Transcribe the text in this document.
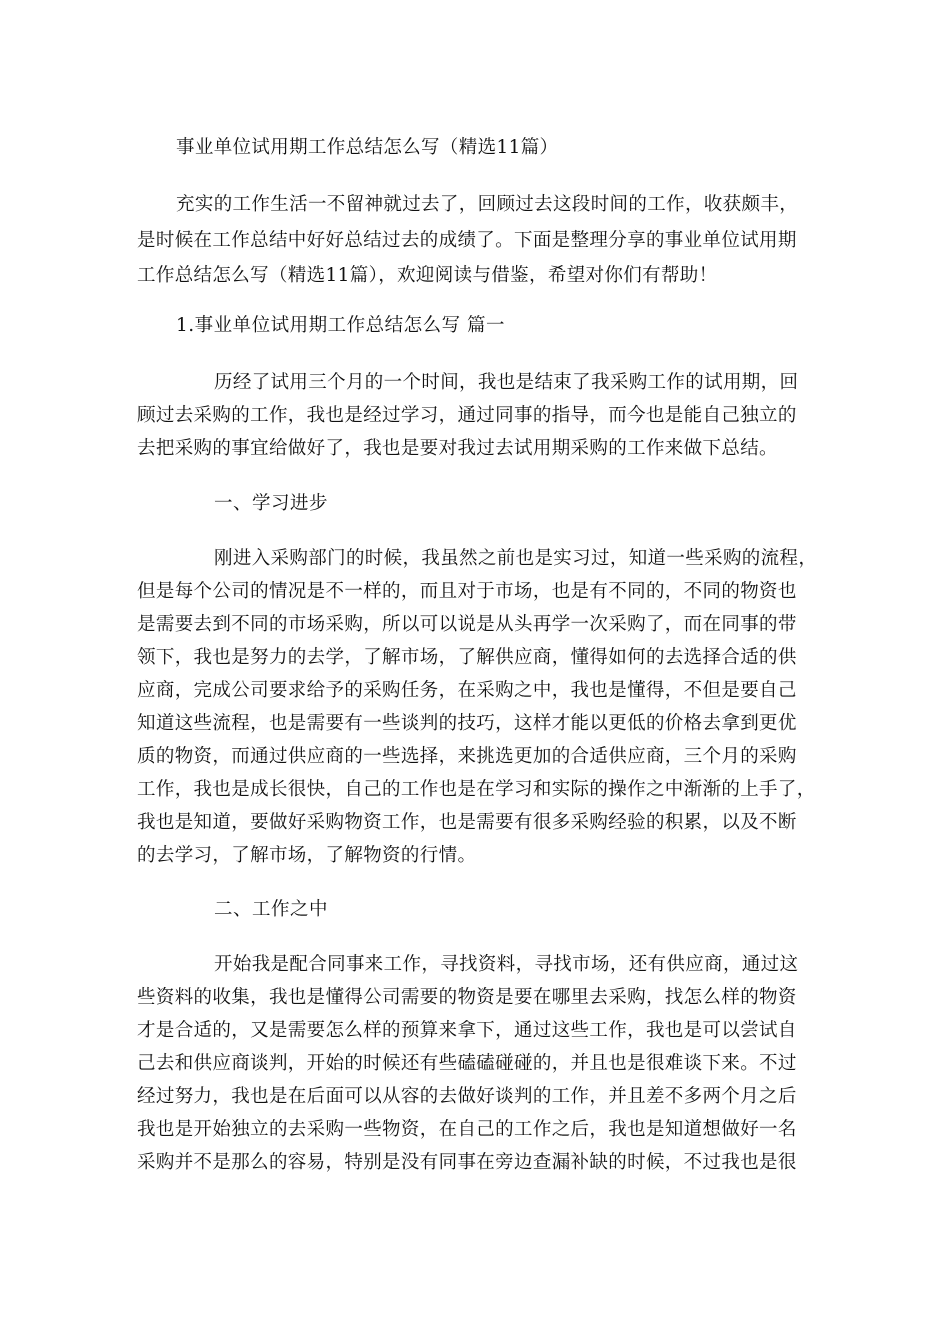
事业单位试用期工作总结怎么写（精选11篇）
充实的工作生活一不留神就过去了，回顾过去这段时间的工作，收获颇丰，
是时候在工作总结中好好总结过去的成绩了。下面是整理分享的事业单位试用期
工作总结怎么写（精选11篇），欢迎阅读与借鉴，希望对你们有帮助！
1.事业单位试用期工作总结怎么写 篇一
历经了试用三个月的一个时间，我也是结束了我采购工作的试用期，回
顾过去采购的工作，我也是经过学习，通过同事的指导，而今也是能自己独立的
去把采购的事宜给做好了，我也是要对我过去试用期采购的工作来做下总结。
一、学习进步
刚进入采购部门的时候，我虽然之前也是实习过，知道一些采购的流程，
但是每个公司的情况是不一样的，而且对于市场，也是有不同的，不同的物资也
是需要去到不同的市场采购，所以可以说是从头再学一次采购了，而在同事的带
领下，我也是努力的去学，了解市场，了解供应商，懂得如何的去选择合适的供
应商，完成公司要求给予的采购任务，在采购之中，我也是懂得，不但是要自己
知道这些流程，也是需要有一些谈判的技巧，这样才能以更低的价格去拿到更优
质的物资，而通过供应商的一些选择，来挑选更加的合适供应商，三个月的采购
工作，我也是成长很快，自己的工作也是在学习和实际的操作之中渐渐的上手了，
我也是知道，要做好采购物资工作，也是需要有很多采购经验的积累，以及不断
的去学习，了解市场，了解物资的行情。
二、工作之中
开始我是配合同事来工作，寻找资料，寻找市场，还有供应商，通过这
些资料的收集，我也是懂得公司需要的物资是要在哪里去采购，找怎么样的物资
才是合适的，又是需要怎么样的预算来拿下，通过这些工作，我也是可以尝试自
己去和供应商谈判，开始的时候还有些磕磕碰碰的，并且也是很难谈下来。不过
经过努力，我也是在后面可以从容的去做好谈判的工作，并且差不多两个月之后
我也是开始独立的去采购一些物资，在自己的工作之后，我也是知道想做好一名
采购并不是那么的容易，特别是没有同事在旁边查漏补缺的时候，不过我也是很
